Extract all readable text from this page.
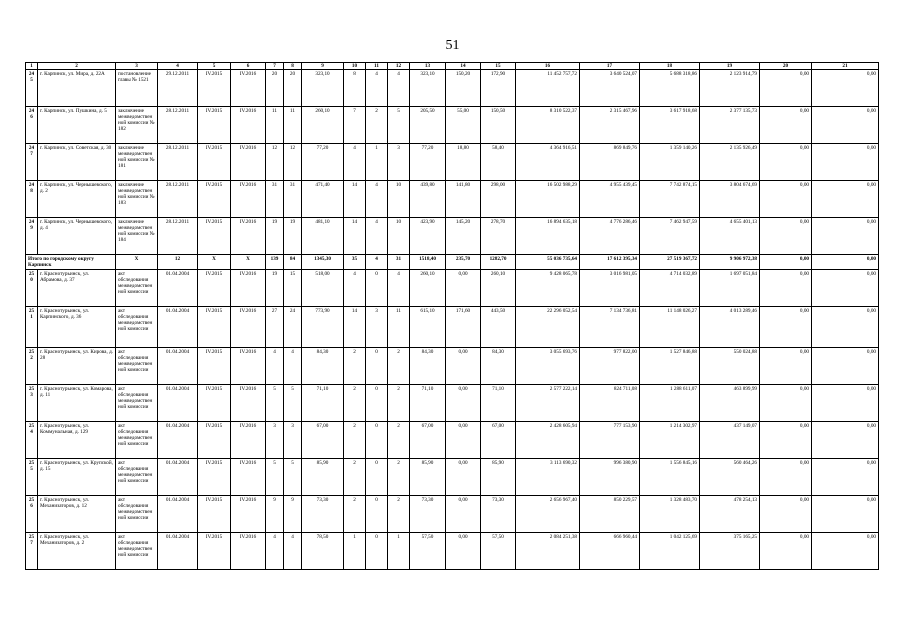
51
1	2	3	4	5	6	7	8	9	10	11	12	13	14	15	16	17	18	19	20	21
245	г. Карпинск, ул. Мира, д. 22А	постановление главы № 1521	29.12.2011	IV.2015	IV.2016	20	20	323,10	8	4	4	323,10	150,20	172,90	11 452 757,72	3 640 524,07	5 688 318,86	2 123 914,79	0,00	0,00
246	г. Карпинск, ул. Пушкина, д. 5	заключение межведомственной комиссии № 182	28.12.2011	IV.2015	IV.2016	11	11	260,10	7	2	5	205,50	55,00	150,50	8 310 522,37	2 315 467,96	3 617 918,68	2 377 135,73	0,00	0,00
247	г. Карпинск, ул. Советская, д. 30	заключение межведомственной комиссии № 181	28.12.2011	IV.2015	IV.2016	12	12	77,20	4	1	3	77,20	18,80	58,40	4 364 916,51	869 849,76	1 359 140,26	2 135 926,49	0,00	0,00
248	г. Карпинск, ул. Чернышевского, д. 2	заключение межведомственной комиссии № 183	28.12.2011	IV.2015	IV.2016	31	31	471,40	14	4	10	439,80	141,80	298,00	16 502 988,29	4 955 439,45	7 742 874,15	3 804 674,69	0,00	0,00
249	г. Карпинск, ул. Чернышевского, д. 4	заключение межведомственной комиссии № 184	28.12.2011	IV.2015	IV.2016	19	19	481,10	14	4	10	423,90	145,20	278,70	16 894 635,18	4 776 286,46	7 462 947,59	4 655 401,13	0,00	0,00
Итого по городскому округу Карпинск		X	12	X	X	139	84	1345,30	35	4	31	1518,40	235,70	1282,70	55 036 735,64	17 612 395,34	27 519 367,72	9 906 972,38	0,00	0,00
250	г. Краснотурьинск, ул. Абрамова, д. 37	акт обследования межведомственной комиссии	01.04.2004	IV.2015	IV.2016	19	15	518,00	4	0	4	260,10	0,00	260,10	9 428 065,78	3 016 981,05	4 714 032,89	1 697 051,84	0,00	0,00
251	г. Краснотурьинск, ул. Карпинского, д. 36	акт обследования межведомственной комиссии	01.04.2004	IV.2015	IV.2016	27	24	773,90	14	3	11	615,10	171,60	443,50	22 296 052,54	7 134 736,81	11 148 026,27	4 013 289,46	0,00	0,00
252	г. Краснотурьинск, ул. Кирова, д. 28	акт обследования межведомственной комиссии	01.04.2004	IV.2015	IV.2016	4	4	84,30	2	0	2	84,30	0,00	84,30	3 055 693,76	977 822,00	1 527 846,88	550 024,88	0,00	0,00
253	г. Краснотурьинск, ул. Комарова, д. 11	акт обследования межведомственной комиссии	01.04.2004	IV.2015	IV.2016	5	5	71,10	2	0	2	71,10	0,00	71,10	2 577 222,14	824 711,08	1 288 611,07	463 899,99	0,00	0,00
254	г. Краснотурьинск, ул. Коммунальная, д. 129	акт обследования межведомственной комиссии	01.04.2004	IV.2015	IV.2016	3	3	67,00	2	0	2	67,00	0,00	67,00	2 428 605,94	777 153,90	1 214 302,97	437 149,07	0,00	0,00
255	г. Краснотурьинск, ул. Крупской, д. 15	акт обследования межведомственной комиссии	01.04.2004	IV.2015	IV.2016	5	5	85,90	2	0	2	85,90	0,00	85,90	3 113 690,32	996 380,90	1 556 845,16	560 464,26	0,00	0,00
256	г. Краснотурьинск, ул. Механизаторов, д. 12	акт обследования межведомственной комиссии	01.04.2004	IV.2015	IV.2016	9	9	73,30	2	0	2	73,30	0,00	73,30	2 656 967,40	850 229,57	1 328 483,70	478 254,13	0,00	0,00
257	г. Краснотурьинск, ул. Механизаторов, д. 2	акт обследования межведомственной комиссии	01.04.2004	IV.2015	IV.2016	4	4	78,50	1	0	1	57,50	0,00	57,50	2 084 251,38	666 960,44	1 042 125,69	375 165,25	0,00	0,00
